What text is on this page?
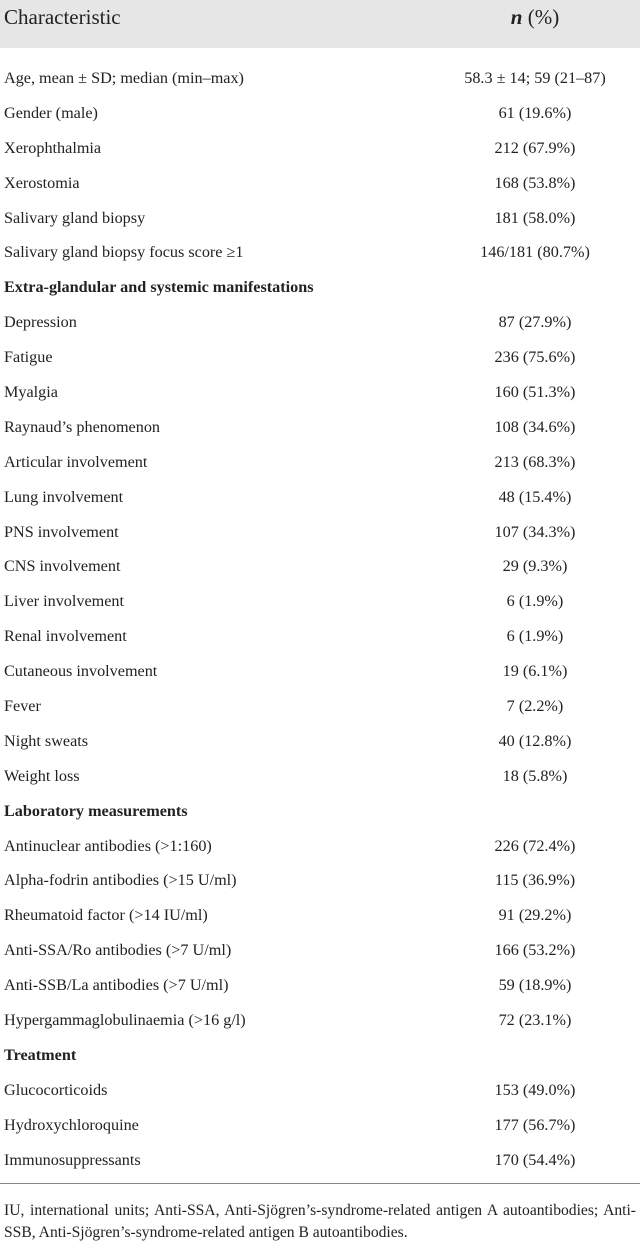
Characteristic	n (%)
Age, mean ± SD; median (min–max)	58.3 ± 14; 59 (21–87)
Gender (male)	61 (19.6%)
Xerophthalmia	212 (67.9%)
Xerostomia	168 (53.8%)
Salivary gland biopsy	181 (58.0%)
Salivary gland biopsy focus score ≥1	146/181 (80.7%)
Extra-glandular and systemic manifestations
Depression	87 (27.9%)
Fatigue	236 (75.6%)
Myalgia	160 (51.3%)
Raynaud’s phenomenon	108 (34.6%)
Articular involvement	213 (68.3%)
Lung involvement	48 (15.4%)
PNS involvement	107 (34.3%)
CNS involvement	29 (9.3%)
Liver involvement	6 (1.9%)
Renal involvement	6 (1.9%)
Cutaneous involvement	19 (6.1%)
Fever	7 (2.2%)
Night sweats	40 (12.8%)
Weight loss	18 (5.8%)
Laboratory measurements
Antinuclear antibodies (>1:160)	226 (72.4%)
Alpha-fodrin antibodies (>15 U/ml)	115 (36.9%)
Rheumatoid factor (>14 IU/ml)	91 (29.2%)
Anti-SSA/Ro antibodies (>7 U/ml)	166 (53.2%)
Anti-SSB/La antibodies (>7 U/ml)	59 (18.9%)
Hypergammaglobulinaemia (>16 g/l)	72 (23.1%)
Treatment
Glucocorticoids	153 (49.0%)
Hydroxychloroquine	177 (56.7%)
Immunosuppressants	170 (54.4%)
IU, international units; Anti-SSA, Anti-Sjögren’s-syndrome-related antigen A autoantibodies; Anti-SSB, Anti-Sjögren’s-syndrome-related antigen B autoantibodies.
